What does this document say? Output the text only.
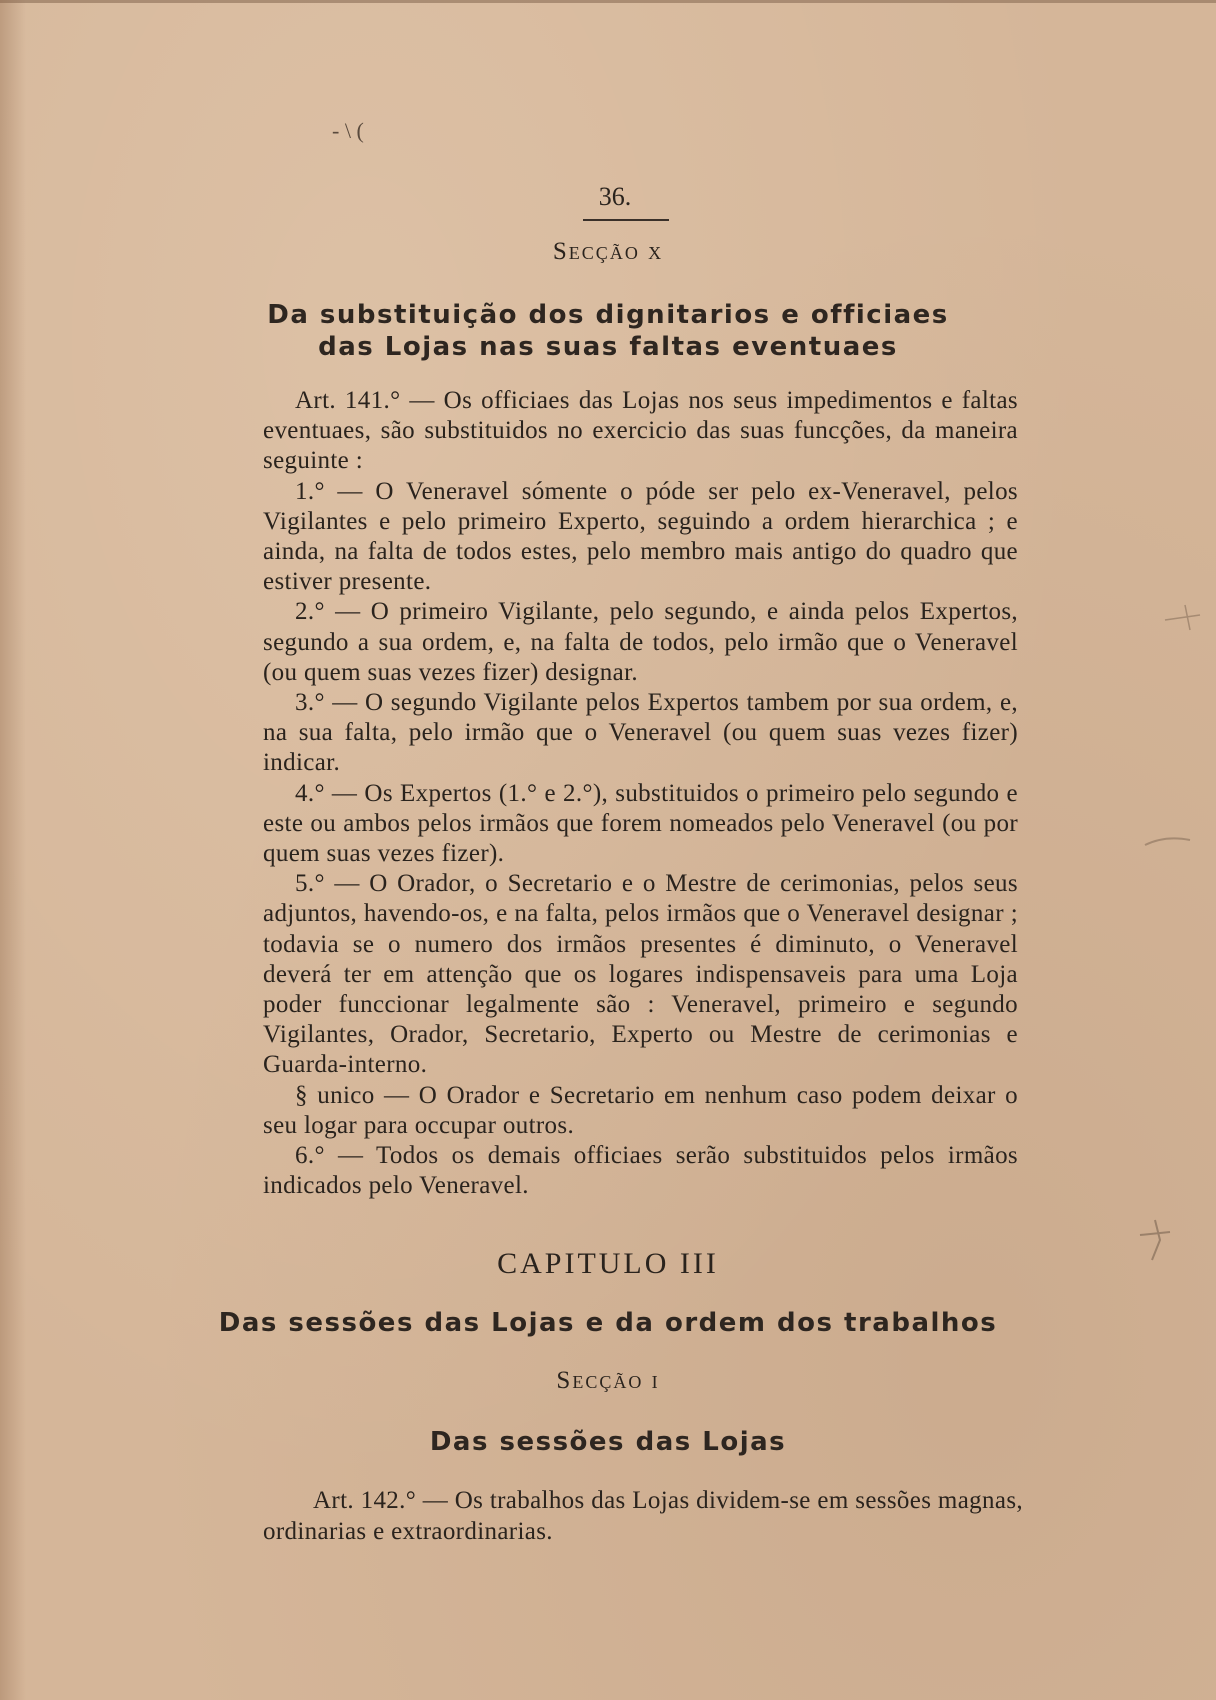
- \ (
36.
Secção x
Da substituição dos dignitarios e officiaes
das Lojas nas suas faltas eventuaes

Art. 141.° — Os officiaes das Lojas nos seus impedimentos e faltas eventuaes, são substituidos no exercicio das suas funcções, da maneira seguinte :

1.° — O Veneravel sómente o póde ser pelo ex-Veneravel, pelos Vigilantes e pelo primeiro Experto, seguindo a ordem hierarchica ; e ainda, na falta de todos estes, pelo membro mais antigo do quadro que estiver presente.

2.° — O primeiro Vigilante, pelo segundo, e ainda pelos Expertos, segundo a sua ordem, e, na falta de todos, pelo irmão que o Veneravel (ou quem suas vezes fizer) designar.

3.° — O segundo Vigilante pelos Expertos tambem por sua ordem, e, na sua falta, pelo irmão que o Veneravel (ou quem suas vezes fizer) indicar.

4.° — Os Expertos (1.° e 2.°), substituidos o primeiro pelo segundo e este ou ambos pelos irmãos que forem nomeados pelo Veneravel (ou por quem suas vezes fizer).

5.° — O Orador, o Secretario e o Mestre de cerimonias, pelos seus adjuntos, havendo-os, e na falta, pelos irmãos que o Veneravel designar ; todavia se o numero dos irmãos presentes é diminuto, o Veneravel deverá ter em attenção que os logares indispensaveis para uma Loja poder funccionar legalmente são : Veneravel, primeiro e segundo Vigilantes, Orador, Secretario, Experto ou Mestre de cerimonias e Guarda-interno.

§ unico — O Orador e Secretario em nenhum caso podem deixar o seu logar para occupar outros.

6.° — Todos os demais officiaes serão substituidos pelos irmãos indicados pelo Veneravel.

CAPITULO III
Das sessões das Lojas e da ordem dos trabalhos
Secção i
Das sessões das Lojas

Art. 142.° — Os trabalhos das Lojas dividem-se em sessões magnas, ordinarias e extraordinarias.
